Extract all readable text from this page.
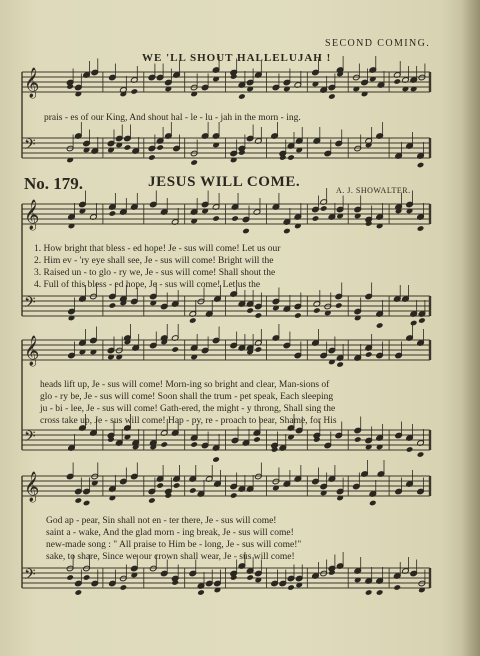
SECOND COMING.
WE 'LL SHOUT HALLELUJAH !
𝄞
𝄢
𝄞
𝄢
𝄞
𝄢
𝄞
𝄢
prais - es of our King, And shout hal - le - lu - jah in the morn - ing.
No. 179.	JESUS WILL COME.
A. J. SHOWALTER.
1. How bright that bless - ed hope! Je - sus will come! Let us our
2. Him ev - 'ry eye shall see, Je - sus will come! Bright will the
3. Raised un - to glo - ry we, Je - sus will come! Shall shout the
4. Full of this bless - ed hope, Je - sus will come! Let us the
heads lift up, Je - sus will come! Morn-ing so bright and clear, Man-sions of
glo - ry be, Je - sus will come! Soon shall the trum - pet speak, Each sleeping
ju - bi - lee, Je - sus will come! Gath-ered, the might - y throng, Shall sing the
cross take up, Je - sus will come! Hap - py, re - proach to bear, Shame, for His
God ap - pear, Sin shall not en - ter there, Je - sus will come!
saint a - wake, And the glad morn - ing break, Je - sus will come!
new-made song : " All praise to Him be - long, Je - sus will come!"
sake, to share, Since we our crown shall wear, Je - sus will come!
